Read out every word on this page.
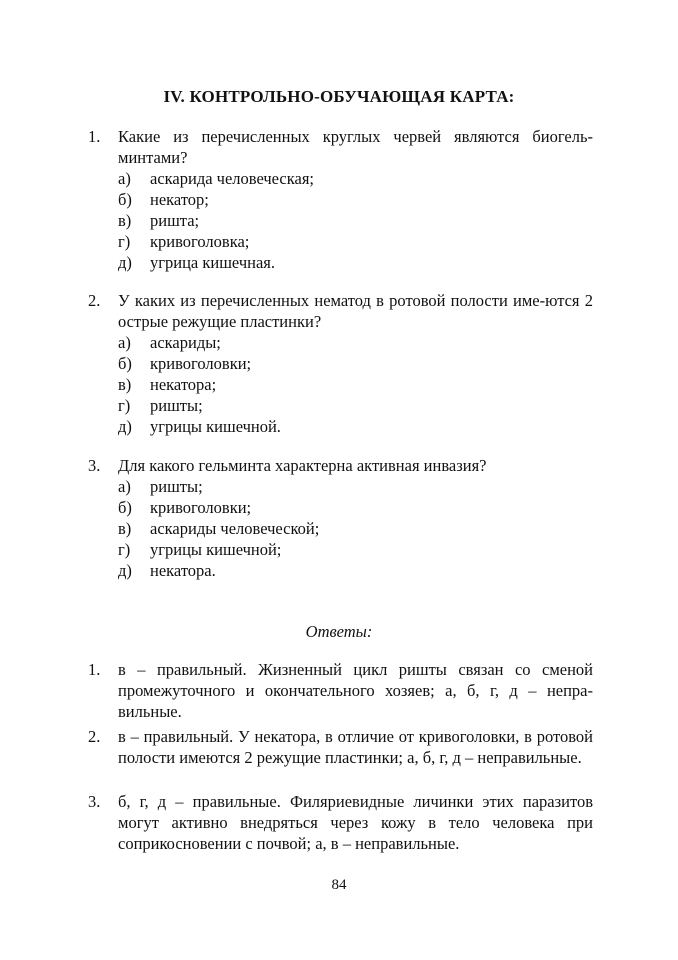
IV. КОНТРОЛЬНО-ОБУЧАЮЩАЯ КАРТА:
1. Какие из перечисленных круглых червей являются биогель-минтами?
а) аскарида человеческая;
б) некатор;
в) ришта;
г) кривоголовка;
д) угрица кишечная.
2. У каких из перечисленных нематод в ротовой полости име-ются 2 острые режущие пластинки?
а) аскариды;
б) кривоголовки;
в) некатора;
г) ришты;
д) угрицы кишечной.
3. Для какого гельминта характерна активная инвазия?
а) ришты;
б) кривоголовки;
в) аскариды человеческой;
г) угрицы кишечной;
д) некатора.
Ответы:
1. в – правильный. Жизненный цикл ришты связан со сменой промежуточного и окончательного хозяев; а, б, г, д – непра-вильные.
2. в – правильный. У некатора, в отличие от кривоголовки, в ротовой полости имеются 2 режущие пластинки; а, б, г, д – неправильные.
3. б, г, д – правильные. Филяриевидные личинки этих паразитов могут активно внедряться через кожу в тело человека при соприкосновении с почвой; а, в – неправильные.
84
